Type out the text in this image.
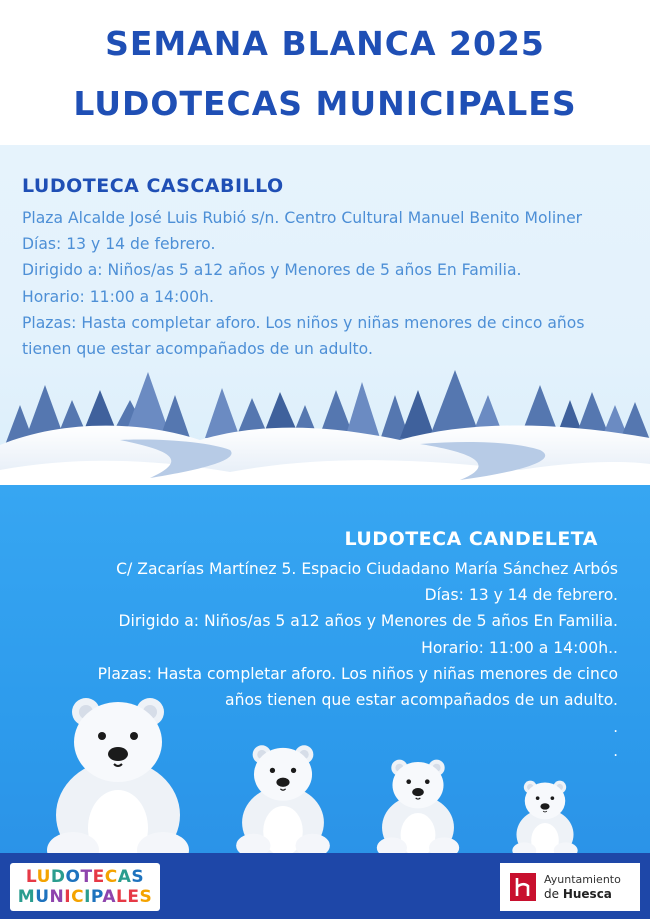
SEMANA BLANCA 2025
LUDOTECAS MUNICIPALES
LUDOTECA CASCABILLO
Plaza Alcalde José Luis Rubió s/n. Centro Cultural Manuel Benito Moliner
Días: 13 y 14 de febrero.
Dirigido a: Niños/as 5 a12 años y Menores de 5 años En Familia.
Horario: 11:00 a 14:00h.
Plazas: Hasta completar aforo. Los niños y niñas menores de cinco años tienen que estar acompañados de un adulto.
LUDOTECA CANDELETA
C/ Zacarías Martínez 5. Espacio Ciudadano María Sánchez Arbós
Días: 13 y 14 de febrero.
Dirigido a: Niños/as 5 a12 años y Menores de 5 años En Familia.
Horario: 11:00 a 14:00h..
Plazas: Hasta completar aforo. Los niños y niñas menores de cinco
años tienen que estar acompañados de un adulto.
.
.
LUDOTECAS
MUNICIPALES
Ayuntamiento
de Huesca
